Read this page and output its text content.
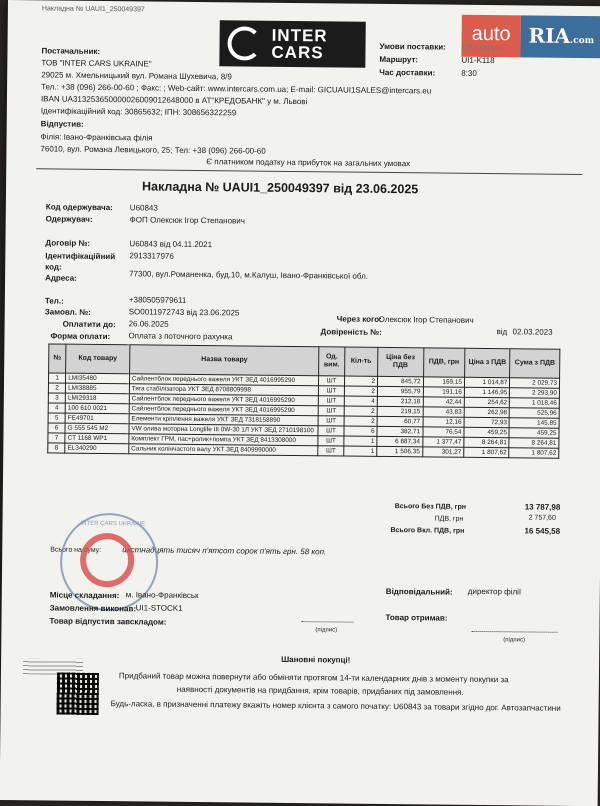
Накладна № UAUI1_250049397
INTER
CARS
auto RIA.com
Постачальник:
ТОВ "INTER CARS UKRAINE"
29025 м. Хмельницький вул. Романа Шухевича, 8/9
Тел.: +38 (096) 266-00-60 ; Факс: ; Web-сайт: www.intercars.com.ua; E-mail: GICUAUI1SALES@intercars.eu
IBAN UA313253650000026009012648000 в АТ"КРЕДОБАНК" у м. Львові
Ідентифікаційний код: 30865632; ІПН: 308656322259
Відпустив:
Філія: Івано-Франківська філія
76010, вул. Романа Левицького, 25; Тел: +38 (096) 266-00-60
Є платником податку на прибуток на загальних умовах
Умови поставки: CP3 калуш
Маршрут:	UI1-K118
Час доставки:	8:30
Накладна № UAUI1_250049397 від 23.06.2025
Код одержувача: U60843
Одержувач:	ФОП Олексюк Ігор Степанович
Договір №:	U60843 від 04.11.2021
Ідентифікаційний код:
2913317976
Адреса:	77300, вул.Романенка, буд.10, м.Калуш, Івано-Франківської обл.
Тел.:	+380505979611
Замовл. №:	SO0011972743 від 23.06.2025
Оплатити до: 26.06.2025
Форма оплати: Оплата з поточного рахунка
Через кого:
Олексюк Ігор Степанович
Довіреність №:	від 02.03.2023
№	Код товару	Назва товару	Од. вим.	Кіл-ть	Ціна без ПДВ	ПДВ, грн	Ціна з ПДВ	Сума з ПДВ
1	LMI35480	Сайлентблок переднього важеля УКТ ЗЕД 4016995290	ШТ	2	845,72	169,15	1 014,87	2 029,73
2	LMI38885	Тяга стабілізатора УКТ ЗЕД 8708809998	ШТ	2	955,79	191,16	1 146,95	2 293,90
3	LMI29318	Сайлентблок переднього важеля УКТ ЗЕД 4016995290	ШТ	4	212,18	42,44	254,62	1 018,46
4	100 610 0021	Сайлентблок переднього важеля УКТ ЗЕД 4016995290	ШТ	2	219,15	43,83	262,98	525,96
5	FE49701	Елементи кріплення важеля УКТ ЗЕД 7318158890	ШТ	2	60,77	12,16	72,93	145,85
6	G 555 545 M2	VW оливa моторна Longlife III 0W-30 1Л УКТ ЗЕД 2710198100	ШТ	6	382,71	76,54	459,25	459,25
7	CT 1168 WP1	Комплект ГРМ, пас+ролик+помпа УКТ ЗЕД 8413308000	ШТ	1	6 887,34	1 377,47	8 264,81	8 264,81
8	EL340290	Сальник колінчастого валу УКТ ЗЕД 8409990000	ШТ	1	1 506,35	301,27	1 807,62	1 807,62
Всього Без ПДВ, грн	13 787,98
ПДВ, грн	2 757,60
Всього Вкл. ПДВ, грн	16 545,58
Всього на суму:	шістнадцять тисяч п'ятсот сорок п'ять грн. 58 коп.
INTER CARS UKRAINE
Місце складання: м. Івано-Франківськ
Замовлення виконав: UI1-STOCK1
Товар відпустив завскладом:
(підпис)
Відповідальний: директор філії
Товар отримав:
(підпис)
Шановні покупці!
Придбаний товар можна повернути або обміняти протягом 14-ти календарних днів з моменту покупки за
наявності документів на придбання, крім товарів, придбаних під замовлення.
Будь-ласка, в призначенні платежу вкажіть номер клієнта з самого початку: U60843 за товари згідно дог. Автозапчастини
